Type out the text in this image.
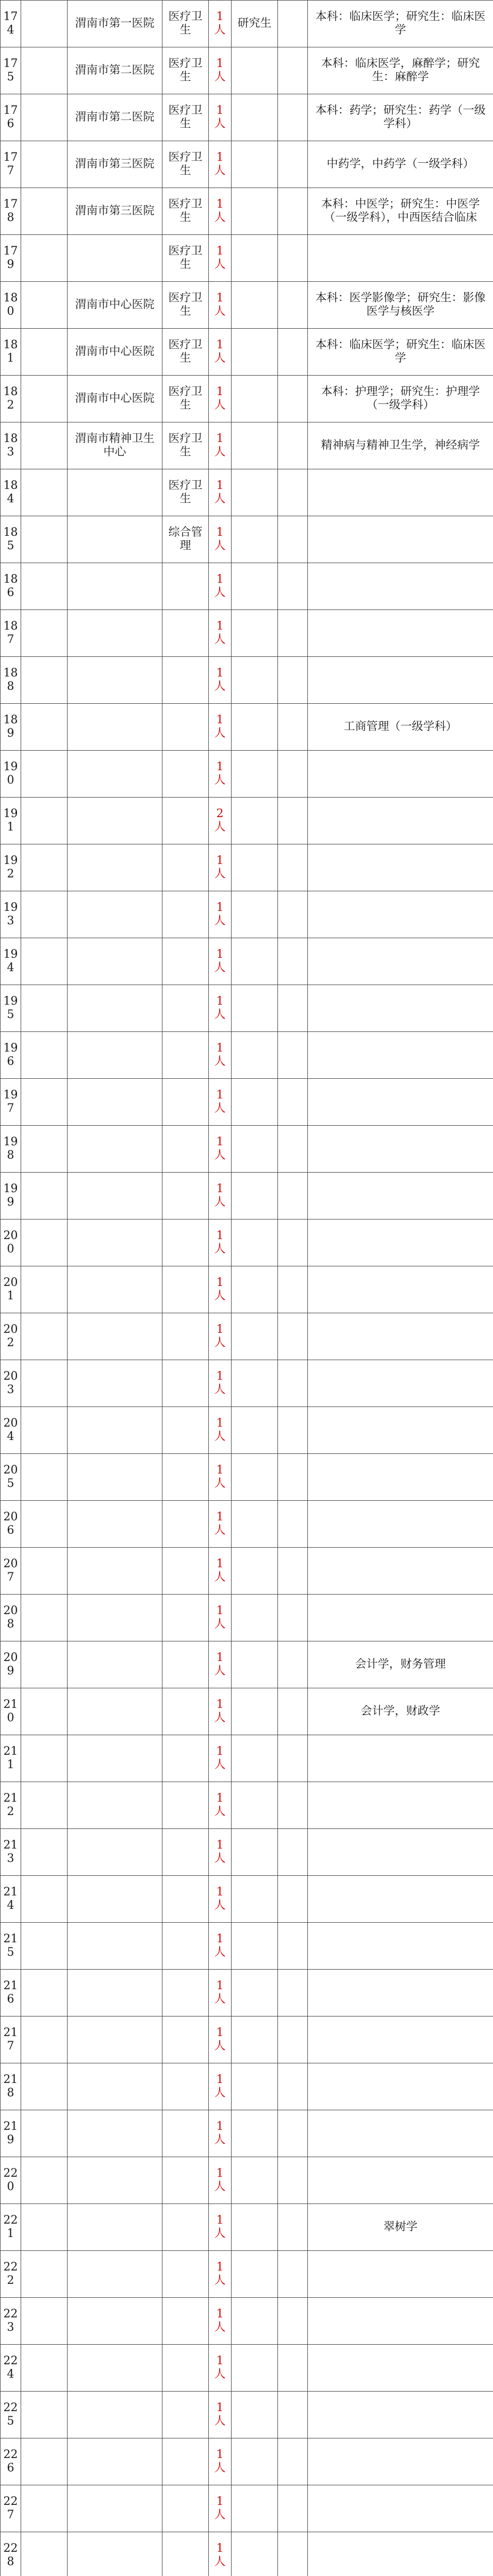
174		渭南市第一医院	医疗卫生	1人	研究生		本科：临床医学；研究生：临床医学
175		渭南市第二医院	医疗卫生	1人			本科：临床医学，麻醉学；研究生：麻醉学
176		渭南市第二医院	医疗卫生	1人			本科：药学；研究生：药学（一级学科）
177		渭南市第三医院	医疗卫生	1人			中药学，中药学（一级学科）
178		渭南市第三医院	医疗卫生	1人			本科：中医学；研究生：中医学（一级学科），中西医结合临床
179			医疗卫生	1人			
180		渭南市中心医院	医疗卫生	1人			本科：医学影像学；研究生：影像医学与核医学
181		渭南市中心医院	医疗卫生	1人			本科：临床医学；研究生：临床医学
182		渭南市中心医院	医疗卫生	1人			本科：护理学；研究生：护理学（一级学科）
183		渭南市精神卫生中心	医疗卫生	1人			精神病与精神卫生学，神经病学
184			医疗卫生	1人			
185			综合管理	1人			
186				1人			
187				1人			
188				1人			
189				1人			工商管理（一级学科）
190				1人			
191				2人			
192				1人			
193				1人			
194				1人			
195				1人			
196				1人			
197				1人			
198				1人			
199				1人			
200				1人			
201				1人			
202				1人			
203				1人			
204				1人			
205				1人			
206				1人			
207				1人			
208				1人			
209				1人			会计学，财务管理
210				1人			会计学，财政学
211				1人			
212				1人			
213				1人			
214				1人			
215				1人			
216				1人			
217				1人			
218				1人			
219				1人			
220				1人			
221				1人			翠树学
222				1人			
223				1人			
224				1人			
225				1人			
226				1人			
227				1人			
228				1人			
